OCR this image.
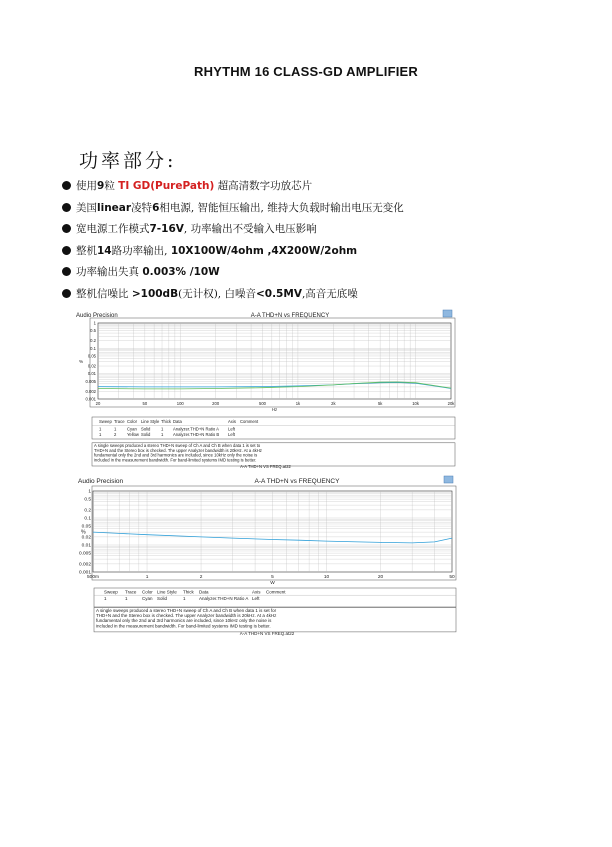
RHYTHM 16 CLASS-GD AMPLIFIER
功率部分:
使用9粒 TI GD(PurePath) 超高清数字功放芯片
美国linear凌特6相电源, 智能恒压输出, 维持大负载时输出电压无变化
宽电源工作模式7-16V, 功率输出不受输入电压影响
整机14路功率输出, 10X100W/4ohm ,4X200W/2ohm
功率输出失真 0.003% /10W
整机信噪比 >100dB(无计权), 白噪音<0.5MV,高音无底噪
Audio Precision	A-A THD+N vs FREQUENCY
1
0.5
0.2
0.1
0.05
0.02
0.01
0.005
0.002
0.001
20	50	100	200	500	1k	2k	5k	10k	20k
%
Hz
Sweep Trace Color Line Style Thick Data	Axis Comment
1	1	Cyan Solid	1 Analyzer.THD+N Ratio A Left
1	2	Yellow Solid	1 Analyzer.THD+N Ratio B Left
A single sweeps produced a stereo THD+N sweep of Ch A and Ch B when data 1 is set to
THD+N and the Stereo box is checked. The upper Analyzer bandwidth is 20kHz. At a 4kHz
fundamental only the 2nd and 3rd harmonics are included, since 10kHz only the noise is
included in the measurement bandwidth. For band-limited systems IMD testing is better.
A-A THD+N VS FREQ.at22
Audio Precision	A-A THD+N vs FREQUENCY
1
0.5
0.2
0.1
0.05
0.02
0.01
0.005
0.002
0.001
500m	1	2	5	10	20	50
%
W
Sweep Trace Color Line Style Thick Data	Axis Comment
1	1	Cyan Solid	1	Analyzer.THD+N Ratio A Left
A single sweeps produced a stereo THD+N sweep of Ch A and Ch B when data 1 is set for
THD+N and the Stereo box is checked. The upper Analyzer bandwidth is 20kHz. At a 4kHz
fundamental only the 2nd and 3rd harmonics are included, since 10kHz only the noise is
included in the measurement bandwidth. For band-limited systems IMD testing is better.
A-A THD+N VS FREQ.at22
